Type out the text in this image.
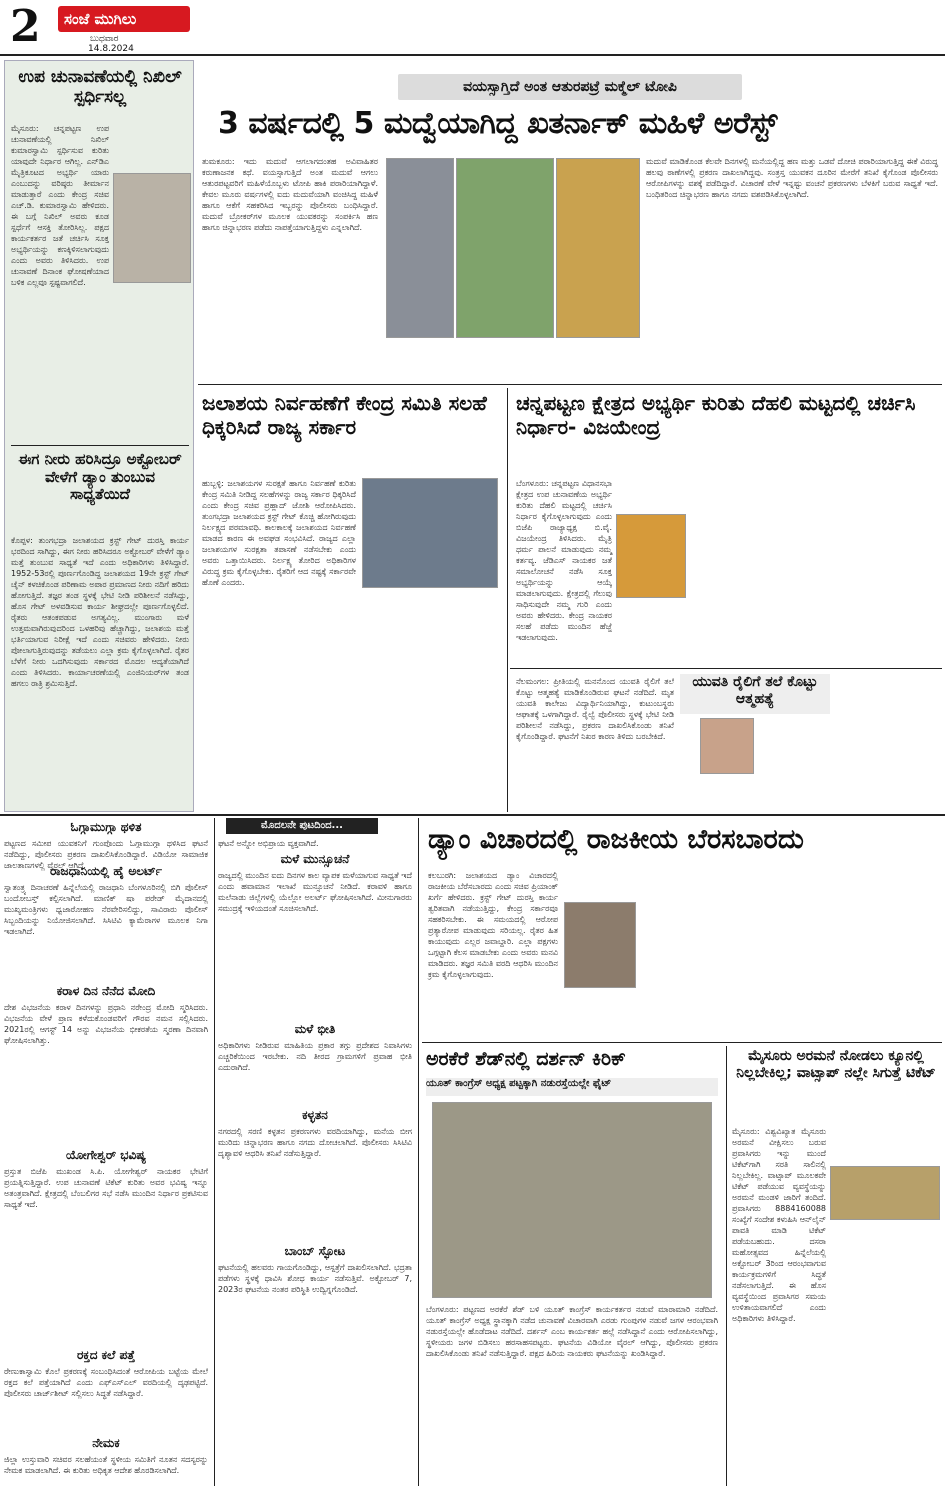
2	ಸಂಜೆ ಮುಗಿಲು
ಬುಧವಾರ
14.8.2024
ಉಪ ಚುನಾವಣೆಯಲ್ಲಿ ನಿಖಿಲ್ ಸ್ಪರ್ಧಿಸಲ್ಲ
ಮೈಸೂರು: ಚನ್ನಪಟ್ಟಣ ಉಪ ಚುನಾವಣೆಯಲ್ಲಿ ನಿಖಿಲ್ ಕುಮಾರಸ್ವಾಮಿ ಸ್ಪರ್ಧಿಸುವ ಕುರಿತು ಯಾವುದೇ ನಿರ್ಧಾರ ಆಗಿಲ್ಲ. ಎನ್‌ಡಿಎ ಮೈತ್ರಿಕೂಟದ ಅಭ್ಯರ್ಥಿ ಯಾರು ಎಂಬುದನ್ನು ವರಿಷ್ಠರು ತೀರ್ಮಾನ ಮಾಡುತ್ತಾರೆ ಎಂದು ಕೇಂದ್ರ ಸಚಿವ ಎಚ್.ಡಿ. ಕುಮಾರಸ್ವಾಮಿ ಹೇಳಿದರು. ಈ ಬಗ್ಗೆ ನಿಖಿಲ್ ಅವರು ಕೂಡ ಸ್ಪರ್ಧೆಗೆ ಆಸಕ್ತಿ ತೋರಿಸಿಲ್ಲ. ಪಕ್ಷದ ಕಾರ್ಯಕರ್ತರ ಜತೆ ಚರ್ಚಿಸಿ ಸೂಕ್ತ ಅಭ್ಯರ್ಥಿಯನ್ನು ಕಣಕ್ಕಿಳಿಸಲಾಗುವುದು ಎಂದು ಅವರು ತಿಳಿಸಿದರು. ಉಪ ಚುನಾವಣೆ ದಿನಾಂಕ ಘೋಷಣೆಯಾದ ಬಳಿಕ ಎಲ್ಲವೂ ಸ್ಪಷ್ಟವಾಗಲಿದೆ.
ಈಗ ನೀರು ಹರಿಸಿದ್ರೂ ಅಕ್ಟೋಬರ್ ವೇಳೆಗೆ ಡ್ಯಾಂ ತುಂಬುವ ಸಾಧ್ಯತೆಯಿದೆ
ಕೊಪ್ಪಳ: ತುಂಗಭದ್ರಾ ಜಲಾಶಯದ ಕ್ರಸ್ಟ್ ಗೇಟ್ ದುರಸ್ತಿ ಕಾರ್ಯ ಭರದಿಂದ ಸಾಗಿದ್ದು, ಈಗ ನೀರು ಹರಿಸಿದರೂ ಅಕ್ಟೋಬರ್ ವೇಳೆಗೆ ಡ್ಯಾಂ ಮತ್ತೆ ತುಂಬುವ ಸಾಧ್ಯತೆ ಇದೆ ಎಂದು ಅಧಿಕಾರಿಗಳು ತಿಳಿಸಿದ್ದಾರೆ. 1952-53ರಲ್ಲಿ ಪೂರ್ಣಗೊಂಡಿದ್ದ ಜಲಾಶಯದ 19ನೇ ಕ್ರಸ್ಟ್ ಗೇಟ್ ಚೈನ್ ಕಳಚಿಕೊಂಡ ಪರಿಣಾಮ ಅಪಾರ ಪ್ರಮಾಣದ ನೀರು ನದಿಗೆ ಹರಿದು ಹೋಗುತ್ತಿದೆ. ತಜ್ಞರ ತಂಡ ಸ್ಥಳಕ್ಕೆ ಭೇಟಿ ನೀಡಿ ಪರಿಶೀಲನೆ ನಡೆಸಿದ್ದು, ಹೊಸ ಗೇಟ್ ಅಳವಡಿಸುವ ಕಾರ್ಯ ಶೀಘ್ರದಲ್ಲೇ ಪೂರ್ಣಗೊಳ್ಳಲಿದೆ. ರೈತರು ಆತಂಕಪಡುವ ಅಗತ್ಯವಿಲ್ಲ. ಮುಂಗಾರು ಮಳೆ ಉತ್ತಮವಾಗಿರುವುದರಿಂದ ಒಳಹರಿವು ಹೆಚ್ಚಾಗಿದ್ದು, ಜಲಾಶಯ ಮತ್ತೆ ಭರ್ತಿಯಾಗುವ ನಿರೀಕ್ಷೆ ಇದೆ ಎಂದು ಸಚಿವರು ಹೇಳಿದರು. ನೀರು ಪೋಲಾಗುತ್ತಿರುವುದನ್ನು ತಡೆಯಲು ಎಲ್ಲಾ ಕ್ರಮ ಕೈಗೊಳ್ಳಲಾಗಿದೆ. ರೈತರ ಬೆಳೆಗೆ ನೀರು ಒದಗಿಸುವುದು ಸರ್ಕಾರದ ಮೊದಲ ಆದ್ಯತೆಯಾಗಿದೆ ಎಂದು ತಿಳಿಸಿದರು. ಕಾರ್ಯಾಚರಣೆಯಲ್ಲಿ ಎಂಜಿನಿಯರ್‌ಗಳ ತಂಡ ಹಗಲು ರಾತ್ರಿ ಶ್ರಮಿಸುತ್ತಿದೆ.
ವಯಸ್ಸಾಗ್ತಿದೆ ಅಂತ ಆತುರಪಟ್ರೆ ಮಕ್ಮೆಲ್ ಟೋಪಿ
3 ವರ್ಷದಲ್ಲಿ 5 ಮದ್ವೆಯಾಗಿದ್ದ ಖತರ್ನಾಕ್ ಮಹಿಳೆ ಅರೆಸ್ಟ್
ತುಮಕೂರು: ಇದು ಮದುವೆ ಆಗಲಾಗದಂತಹ ಅವಿವಾಹಿತರ ಕರುಣಾಜನಕ ಕಥೆ. ವಯಸ್ಸಾಗುತ್ತಿದೆ ಅಂತ ಮದುವೆ ಆಗಲು ಆತುರಪಟ್ಟವರಿಗೆ ಮಹಿಳೆಯೊಬ್ಬಳು ಟೋಪಿ ಹಾಕಿ ಪರಾರಿಯಾಗಿದ್ದಾಳೆ. ಕೇವಲ ಮೂರು ವರ್ಷಗಳಲ್ಲಿ ಐದು ಮದುವೆಯಾಗಿ ವಂಚಿಸಿದ್ದ ಮಹಿಳೆ ಹಾಗೂ ಆಕೆಗೆ ಸಹಕರಿಸಿದ ಇಬ್ಬರನ್ನು ಪೊಲೀಸರು ಬಂಧಿಸಿದ್ದಾರೆ. ಮದುವೆ ಬ್ರೋಕರ್‌ಗಳ ಮೂಲಕ ಯುವಕರನ್ನು ಸಂಪರ್ಕಿಸಿ ಹಣ ಹಾಗೂ ಚಿನ್ನಾಭರಣ ಪಡೆದು ನಾಪತ್ತೆಯಾಗುತ್ತಿದ್ದಳು ಎನ್ನಲಾಗಿದೆ.
ಮದುವೆ ಮಾಡಿಕೊಂಡ ಕೆಲವೇ ದಿನಗಳಲ್ಲಿ ಮನೆಯಲ್ಲಿದ್ದ ಹಣ ಮತ್ತು ಒಡವೆ ದೋಚಿ ಪರಾರಿಯಾಗುತ್ತಿದ್ದ ಈಕೆ ವಿರುದ್ಧ ಹಲವು ಠಾಣೆಗಳಲ್ಲಿ ಪ್ರಕರಣ ದಾಖಲಾಗಿದ್ದವು. ಸಂತ್ರಸ್ತ ಯುವಕನ ದೂರಿನ ಮೇರೆಗೆ ತನಿಖೆ ಕೈಗೊಂಡ ಪೊಲೀಸರು ಆರೋಪಿಗಳನ್ನು ವಶಕ್ಕೆ ಪಡೆದಿದ್ದಾರೆ. ವಿಚಾರಣೆ ವೇಳೆ ಇನ್ನಷ್ಟು ವಂಚನೆ ಪ್ರಕರಣಗಳು ಬೆಳಕಿಗೆ ಬರುವ ಸಾಧ್ಯತೆ ಇದೆ. ಬಂಧಿತರಿಂದ ಚಿನ್ನಾಭರಣ ಹಾಗೂ ನಗದು ವಶಪಡಿಸಿಕೊಳ್ಳಲಾಗಿದೆ.
ಜಲಾಶಯ ನಿರ್ವಹಣೆಗೆ ಕೇಂದ್ರ ಸಮಿತಿ ಸಲಹೆ ಧಿಕ್ಕರಿಸಿದೆ ರಾಜ್ಯ ಸರ್ಕಾರ
ಹುಬ್ಬಳ್ಳಿ: ಜಲಾಶಯಗಳ ಸುರಕ್ಷತೆ ಹಾಗೂ ನಿರ್ವಹಣೆ ಕುರಿತು ಕೇಂದ್ರ ಸಮಿತಿ ನೀಡಿದ್ದ ಸಲಹೆಗಳನ್ನು ರಾಜ್ಯ ಸರ್ಕಾರ ಧಿಕ್ಕರಿಸಿದೆ ಎಂದು ಕೇಂದ್ರ ಸಚಿವ ಪ್ರಹ್ಲಾದ್ ಜೋಶಿ ಆರೋಪಿಸಿದರು. ತುಂಗಭದ್ರಾ ಜಲಾಶಯದ ಕ್ರಸ್ಟ್ ಗೇಟ್ ಕೊಚ್ಚಿ ಹೋಗಿರುವುದು ನಿರ್ಲಕ್ಷ್ಯದ ಪರಮಾವಧಿ. ಕಾಲಕಾಲಕ್ಕೆ ಜಲಾಶಯದ ನಿರ್ವಹಣೆ ಮಾಡದ ಕಾರಣ ಈ ಅವಘಡ ಸಂಭವಿಸಿದೆ. ರಾಜ್ಯದ ಎಲ್ಲಾ ಜಲಾಶಯಗಳ ಸುರಕ್ಷತಾ ತಪಾಸಣೆ ನಡೆಸಬೇಕು ಎಂದು ಅವರು ಒತ್ತಾಯಿಸಿದರು. ನಿರ್ಲಕ್ಷ್ಯ ತೋರಿದ ಅಧಿಕಾರಿಗಳ ವಿರುದ್ಧ ಕ್ರಮ ಕೈಗೊಳ್ಳಬೇಕು. ರೈತರಿಗೆ ಆದ ನಷ್ಟಕ್ಕೆ ಸರ್ಕಾರವೇ ಹೊಣೆ ಎಂದರು.
ಚನ್ನಪಟ್ಟಣ ಕ್ಷೇತ್ರದ ಅಭ್ಯರ್ಥಿ ಕುರಿತು ದೆಹಲಿ ಮಟ್ಟದಲ್ಲಿ ಚರ್ಚಿಸಿ ನಿರ್ಧಾರ- ವಿಜಯೇಂದ್ರ
ಬೆಂಗಳೂರು: ಚನ್ನಪಟ್ಟಣ ವಿಧಾನಸಭಾ ಕ್ಷೇತ್ರದ ಉಪ ಚುನಾವಣೆಯ ಅಭ್ಯರ್ಥಿ ಕುರಿತು ದೆಹಲಿ ಮಟ್ಟದಲ್ಲಿ ಚರ್ಚಿಸಿ ನಿರ್ಧಾರ ಕೈಗೊಳ್ಳಲಾಗುವುದು ಎಂದು ಬಿಜೆಪಿ ರಾಜ್ಯಾಧ್ಯಕ್ಷ ಬಿ.ವೈ. ವಿಜಯೇಂದ್ರ ತಿಳಿಸಿದರು. ಮೈತ್ರಿ ಧರ್ಮ ಪಾಲನೆ ಮಾಡುವುದು ನಮ್ಮ ಕರ್ತವ್ಯ. ಜೆಡಿಎಸ್ ನಾಯಕರ ಜತೆ ಸಮಾಲೋಚನೆ ನಡೆಸಿ ಸೂಕ್ತ ಅಭ್ಯರ್ಥಿಯನ್ನು ಆಯ್ಕೆ ಮಾಡಲಾಗುವುದು. ಕ್ಷೇತ್ರದಲ್ಲಿ ಗೆಲುವು ಸಾಧಿಸುವುದೇ ನಮ್ಮ ಗುರಿ ಎಂದು ಅವರು ಹೇಳಿದರು. ಕೇಂದ್ರ ನಾಯಕರ ಸಲಹೆ ಪಡೆದು ಮುಂದಿನ ಹೆಜ್ಜೆ ಇಡಲಾಗುವುದು.
ಯುವತಿ ರೈಲಿಗೆ ತಲೆ ಕೊಟ್ಟು ಆತ್ಮಹತ್ಯೆ
ನೆಲಮಂಗಲ: ಪ್ರೀತಿಯಲ್ಲಿ ಮನನೊಂದ ಯುವತಿ ರೈಲಿಗೆ ತಲೆ ಕೊಟ್ಟು ಆತ್ಮಹತ್ಯೆ ಮಾಡಿಕೊಂಡಿರುವ ಘಟನೆ ನಡೆದಿದೆ. ಮೃತ ಯುವತಿ ಕಾಲೇಜು ವಿದ್ಯಾರ್ಥಿನಿಯಾಗಿದ್ದು, ಕುಟುಂಬಸ್ಥರು ಆಘಾತಕ್ಕೆ ಒಳಗಾಗಿದ್ದಾರೆ. ರೈಲ್ವೆ ಪೊಲೀಸರು ಸ್ಥಳಕ್ಕೆ ಭೇಟಿ ನೀಡಿ ಪರಿಶೀಲನೆ ನಡೆಸಿದ್ದು, ಪ್ರಕರಣ ದಾಖಲಿಸಿಕೊಂಡು ತನಿಖೆ ಕೈಗೊಂಡಿದ್ದಾರೆ. ಘಟನೆಗೆ ನಿಖರ ಕಾರಣ ತಿಳಿದು ಬರಬೇಕಿದೆ.
ಓಗ್ಗಾಮುಗ್ಗಾ ಥಳಿತ
ಪಟ್ಟಣದ ಸಮೀಪ ಯುವಕನಿಗೆ ಗುಂಪೊಂದು ಓಗ್ಗಾಮುಗ್ಗಾ ಥಳಿಸಿದ ಘಟನೆ ನಡೆದಿದ್ದು, ಪೊಲೀಸರು ಪ್ರಕರಣ ದಾಖಲಿಸಿಕೊಂಡಿದ್ದಾರೆ. ವಿಡಿಯೋ ಸಾಮಾಜಿಕ ಜಾಲತಾಣಗಳಲ್ಲಿ ವೈರಲ್ ಆಗಿದೆ.
ರಾಜಧಾನಿಯಲ್ಲಿ ಹೈ ಅಲರ್ಟ್
ಸ್ವಾತಂತ್ರ್ಯ ದಿನಾಚರಣೆ ಹಿನ್ನೆಲೆಯಲ್ಲಿ ರಾಜಧಾನಿ ಬೆಂಗಳೂರಿನಲ್ಲಿ ಬಿಗಿ ಪೊಲೀಸ್ ಬಂದೋಬಸ್ತ್ ಕಲ್ಪಿಸಲಾಗಿದೆ. ಮಾಣಿಕ್ ಷಾ ಪರೇಡ್ ಮೈದಾನದಲ್ಲಿ ಮುಖ್ಯಮಂತ್ರಿಗಳು ಧ್ವಜಾರೋಹಣ ನೆರವೇರಿಸಲಿದ್ದು, ಸಾವಿರಾರು ಪೊಲೀಸ್ ಸಿಬ್ಬಂದಿಯನ್ನು ನಿಯೋಜಿಸಲಾಗಿದೆ. ಸಿಸಿಟಿವಿ ಕ್ಯಾಮೆರಾಗಳ ಮೂಲಕ ನಿಗಾ ಇಡಲಾಗಿದೆ.
ಕರಾಳ ದಿನ ನೆನೆದ ಮೋದಿ
ದೇಶ ವಿಭಜನೆಯ ಕರಾಳ ದಿನಗಳನ್ನು ಪ್ರಧಾನಿ ನರೇಂದ್ರ ಮೋದಿ ಸ್ಮರಿಸಿದರು. ವಿಭಜನೆಯ ವೇಳೆ ಪ್ರಾಣ ಕಳೆದುಕೊಂಡವರಿಗೆ ಗೌರವ ನಮನ ಸಲ್ಲಿಸಿದರು. 2021ರಲ್ಲಿ ಆಗಸ್ಟ್ 14 ಅನ್ನು ವಿಭಜನೆಯ ಭೀಕರತೆಯ ಸ್ಮರಣಾ ದಿನವಾಗಿ ಘೋಷಿಸಲಾಗಿತ್ತು.
ಯೋಗೇಶ್ವರ್ ಭವಿಷ್ಯ
ಪ್ರಸ್ತುತ ಬಿಜೆಪಿ ಮುಖಂಡ ಸಿ.ಪಿ. ಯೋಗೇಶ್ವರ್ ನಾಯಕರ ಭೇಟಿಗೆ ಪ್ರಯತ್ನಿಸುತ್ತಿದ್ದಾರೆ. ಉಪ ಚುನಾವಣೆ ಟಿಕೆಟ್ ಕುರಿತು ಅವರ ಭವಿಷ್ಯ ಇನ್ನೂ ಅತಂತ್ರವಾಗಿದೆ. ಕ್ಷೇತ್ರದಲ್ಲಿ ಬೆಂಬಲಿಗರ ಸಭೆ ನಡೆಸಿ ಮುಂದಿನ ನಿರ್ಧಾರ ಪ್ರಕಟಿಸುವ ಸಾಧ್ಯತೆ ಇದೆ.
ರಕ್ತದ ಕಲೆ ಪತ್ತೆ
ರೇಣುಕಾಸ್ವಾಮಿ ಕೊಲೆ ಪ್ರಕರಣಕ್ಕೆ ಸಂಬಂಧಿಸಿದಂತೆ ಆರೋಪಿಯ ಬಟ್ಟೆಯ ಮೇಲೆ ರಕ್ತದ ಕಲೆ ಪತ್ತೆಯಾಗಿದೆ ಎಂದು ಎಫ್ಎಸ್ಎಲ್ ವರದಿಯಲ್ಲಿ ದೃಢಪಟ್ಟಿದೆ. ಪೊಲೀಸರು ಚಾರ್ಜ್‌ಶೀಟ್ ಸಲ್ಲಿಸಲು ಸಿದ್ಧತೆ ನಡೆಸಿದ್ದಾರೆ.
ನೇಮಕ
ಜಿಲ್ಲಾ ಉಸ್ತುವಾರಿ ಸಚಿವರ ಸಲಹೆಯಂತೆ ಸ್ಥಳೀಯ ಸಮಿತಿಗೆ ನೂತನ ಸದಸ್ಯರನ್ನು ನೇಮಕ ಮಾಡಲಾಗಿದೆ. ಈ ಕುರಿತು ಅಧಿಕೃತ ಆದೇಶ ಹೊರಡಿಸಲಾಗಿದೆ.
ಮೊದಲನೇ ಪುಟದಿಂದ...
ಘಟನೆ ಅನ್ನೋ ಅಭಿಪ್ರಾಯ ವ್ಯಕ್ತವಾಗಿದೆ.
ಮಳೆ ಮುನ್ಸೂಚನೆ
ರಾಜ್ಯದಲ್ಲಿ ಮುಂದಿನ ಐದು ದಿನಗಳ ಕಾಲ ವ್ಯಾಪಕ ಮಳೆಯಾಗುವ ಸಾಧ್ಯತೆ ಇದೆ ಎಂದು ಹವಾಮಾನ ಇಲಾಖೆ ಮುನ್ಸೂಚನೆ ನೀಡಿದೆ. ಕರಾವಳಿ ಹಾಗೂ ಮಲೆನಾಡು ಜಿಲ್ಲೆಗಳಲ್ಲಿ ಯೆಲ್ಲೋ ಅಲರ್ಟ್ ಘೋಷಿಸಲಾಗಿದೆ. ಮೀನುಗಾರರು ಸಮುದ್ರಕ್ಕೆ ಇಳಿಯದಂತೆ ಸೂಚಿಸಲಾಗಿದೆ.
ಮಳೆ ಭೀತಿ
ಅಧಿಕಾರಿಗಳು ನೀಡಿರುವ ಮಾಹಿತಿಯ ಪ್ರಕಾರ ತಗ್ಗು ಪ್ರದೇಶದ ನಿವಾಸಿಗಳು ಎಚ್ಚರಿಕೆಯಿಂದ ಇರಬೇಕು. ನದಿ ತೀರದ ಗ್ರಾಮಗಳಿಗೆ ಪ್ರವಾಹ ಭೀತಿ ಎದುರಾಗಿದೆ.
ಕಳ್ಳತನ
ನಗರದಲ್ಲಿ ಸರಣಿ ಕಳ್ಳತನ ಪ್ರಕರಣಗಳು ವರದಿಯಾಗಿದ್ದು, ಮನೆಯ ಬೀಗ ಮುರಿದು ಚಿನ್ನಾಭರಣ ಹಾಗೂ ನಗದು ದೋಚಲಾಗಿದೆ. ಪೊಲೀಸರು ಸಿಸಿಟಿವಿ ದೃಶ್ಯಾವಳಿ ಆಧರಿಸಿ ತನಿಖೆ ನಡೆಸುತ್ತಿದ್ದಾರೆ.
ಬಾಂಬ್ ಸ್ಫೋಟ
ಘಟನೆಯಲ್ಲಿ ಹಲವರು ಗಾಯಗೊಂಡಿದ್ದು, ಆಸ್ಪತ್ರೆಗೆ ದಾಖಲಿಸಲಾಗಿದೆ. ಭದ್ರತಾ ಪಡೆಗಳು ಸ್ಥಳಕ್ಕೆ ಧಾವಿಸಿ ಶೋಧ ಕಾರ್ಯ ನಡೆಸುತ್ತಿವೆ. ಅಕ್ಟೋಬರ್ 7, 2023ರ ಘಟನೆಯ ನಂತರ ಪರಿಸ್ಥಿತಿ ಉದ್ವಿಗ್ನಗೊಂಡಿದೆ.
ಡ್ಯಾಂ ವಿಚಾರದಲ್ಲಿ ರಾಜಕೀಯ ಬೆರಸಬಾರದು
ಕಲಬುರಗಿ: ಜಲಾಶಯದ ಡ್ಯಾಂ ವಿಚಾರದಲ್ಲಿ ರಾಜಕೀಯ ಬೆರೆಸಬಾರದು ಎಂದು ಸಚಿವ ಪ್ರಿಯಾಂಕ್ ಖರ್ಗೆ ಹೇಳಿದರು. ಕ್ರಸ್ಟ್ ಗೇಟ್ ದುರಸ್ತಿ ಕಾರ್ಯ ತ್ವರಿತವಾಗಿ ನಡೆಯುತ್ತಿದ್ದು, ಕೇಂದ್ರ ಸರ್ಕಾರವೂ ಸಹಕರಿಸಬೇಕು. ಈ ಸಮಯದಲ್ಲಿ ಆರೋಪ ಪ್ರತ್ಯಾರೋಪ ಮಾಡುವುದು ಸರಿಯಲ್ಲ. ರೈತರ ಹಿತ ಕಾಯುವುದು ಎಲ್ಲರ ಜವಾಬ್ದಾರಿ. ಎಲ್ಲಾ ಪಕ್ಷಗಳು ಒಗ್ಗಟ್ಟಾಗಿ ಕೆಲಸ ಮಾಡಬೇಕು ಎಂದು ಅವರು ಮನವಿ ಮಾಡಿದರು. ತಜ್ಞರ ಸಮಿತಿ ವರದಿ ಆಧರಿಸಿ ಮುಂದಿನ ಕ್ರಮ ಕೈಗೊಳ್ಳಲಾಗುವುದು.
ಅರಕೆರೆ ಶೆಡ್‌ನಲ್ಲಿ ದರ್ಶನ್ ಕಿರಿಕ್
ಯೂತ್ ಕಾಂಗ್ರೆಸ್ ಅಧ್ಯಕ್ಷ ಪಟ್ಟಕ್ಕಾಗಿ ನಡುರಸ್ತೆಯಲ್ಲೇ ಫೈಟ್
ಬೆಂಗಳೂರು: ಪಟ್ಟಣದ ಅರಕೆರೆ ಶೆಡ್ ಬಳಿ ಯೂತ್ ಕಾಂಗ್ರೆಸ್ ಕಾರ್ಯಕರ್ತರ ನಡುವೆ ಮಾರಾಮಾರಿ ನಡೆದಿದೆ. ಯೂತ್ ಕಾಂಗ್ರೆಸ್ ಅಧ್ಯಕ್ಷ ಸ್ಥಾನಕ್ಕಾಗಿ ನಡೆದ ಚುನಾವಣೆ ವಿಚಾರವಾಗಿ ಎರಡು ಗುಂಪುಗಳ ನಡುವೆ ಜಗಳ ಆರಂಭವಾಗಿ ನಡುರಸ್ತೆಯಲ್ಲೇ ಹೊಡೆದಾಟ ನಡೆದಿದೆ. ದರ್ಶನ್ ಎಂಬ ಕಾರ್ಯಕರ್ತ ಹಲ್ಲೆ ನಡೆಸಿದ್ದಾನೆ ಎಂದು ಆರೋಪಿಸಲಾಗಿದ್ದು, ಸ್ಥಳೀಯರು ಜಗಳ ಬಿಡಿಸಲು ಹರಸಾಹಸಪಟ್ಟರು. ಘಟನೆಯ ವಿಡಿಯೋ ವೈರಲ್ ಆಗಿದ್ದು, ಪೊಲೀಸರು ಪ್ರಕರಣ ದಾಖಲಿಸಿಕೊಂಡು ತನಿಖೆ ನಡೆಸುತ್ತಿದ್ದಾರೆ. ಪಕ್ಷದ ಹಿರಿಯ ನಾಯಕರು ಘಟನೆಯನ್ನು ಖಂಡಿಸಿದ್ದಾರೆ.
ಮೈಸೂರು ಅರಮನೆ ನೋಡಲು ಕ್ಯೂನಲ್ಲಿ ನಿಲ್ಲಬೇಕಿಲ್ಲ; ವಾಟ್ಸಾಪ್ ನಲ್ಲೇ ಸಿಗುತ್ತೆ ಟಿಕೆಟ್
ಮೈಸೂರು: ವಿಶ್ವವಿಖ್ಯಾತ ಮೈಸೂರು ಅರಮನೆ ವೀಕ್ಷಿಸಲು ಬರುವ ಪ್ರವಾಸಿಗರು ಇನ್ನು ಮುಂದೆ ಟಿಕೆಟ್‌ಗಾಗಿ ಸರತಿ ಸಾಲಿನಲ್ಲಿ ನಿಲ್ಲಬೇಕಿಲ್ಲ. ವಾಟ್ಸಾಪ್ ಮೂಲಕವೇ ಟಿಕೆಟ್ ಪಡೆಯುವ ವ್ಯವಸ್ಥೆಯನ್ನು ಅರಮನೆ ಮಂಡಳಿ ಜಾರಿಗೆ ತಂದಿದೆ. ಪ್ರವಾಸಿಗರು 8884160088 ಸಂಖ್ಯೆಗೆ ಸಂದೇಶ ಕಳುಹಿಸಿ ಆನ್‌ಲೈನ್ ಪಾವತಿ ಮಾಡಿ ಟಿಕೆಟ್ ಪಡೆಯಬಹುದು. ದಸರಾ ಮಹೋತ್ಸವದ ಹಿನ್ನೆಲೆಯಲ್ಲಿ ಅಕ್ಟೋಬರ್ 3ರಿಂದ ಆರಂಭವಾಗುವ ಕಾರ್ಯಕ್ರಮಗಳಿಗೆ ಸಿದ್ಧತೆ ನಡೆಸಲಾಗುತ್ತಿದೆ. ಈ ಹೊಸ ವ್ಯವಸ್ಥೆಯಿಂದ ಪ್ರವಾಸಿಗರ ಸಮಯ ಉಳಿತಾಯವಾಗಲಿದೆ ಎಂದು ಅಧಿಕಾರಿಗಳು ತಿಳಿಸಿದ್ದಾರೆ.
